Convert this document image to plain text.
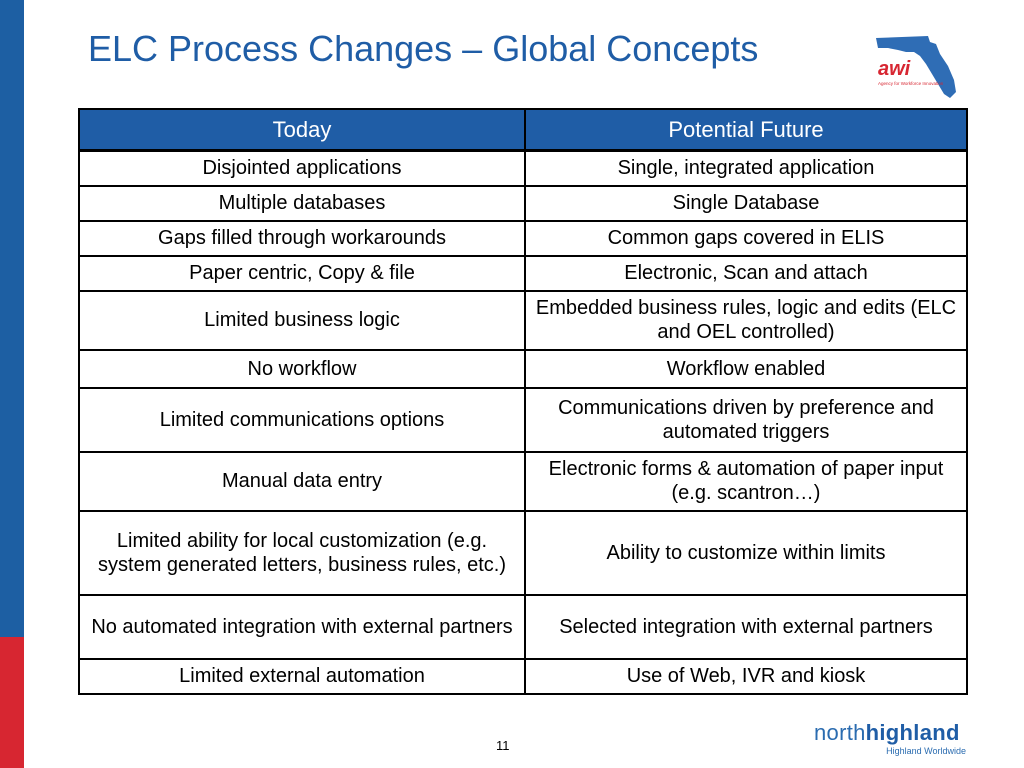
ELC Process Changes – Global Concepts	awi
Agency for Workforce Innovation
Today	Potential Future
Disjointed applications	Single, integrated application
Multiple databases	Single Database
Gaps filled through workarounds	Common gaps covered in ELIS
Paper centric, Copy & file	Electronic, Scan and attach
Limited business logic	Embedded business rules, logic and edits (ELC and OEL controlled)
No workflow	Workflow enabled
Limited communications options	Communications driven by preference and automated triggers
Manual data entry	Electronic forms & automation of paper input (e.g. scantron…)
Limited ability for local customization (e.g. system generated letters, business rules, etc.)	Ability to customize within limits
No automated integration with external partners	Selected integration with external partners
Limited external automation	Use of Web, IVR and kiosk
11
northhighland
Highland Worldwide
